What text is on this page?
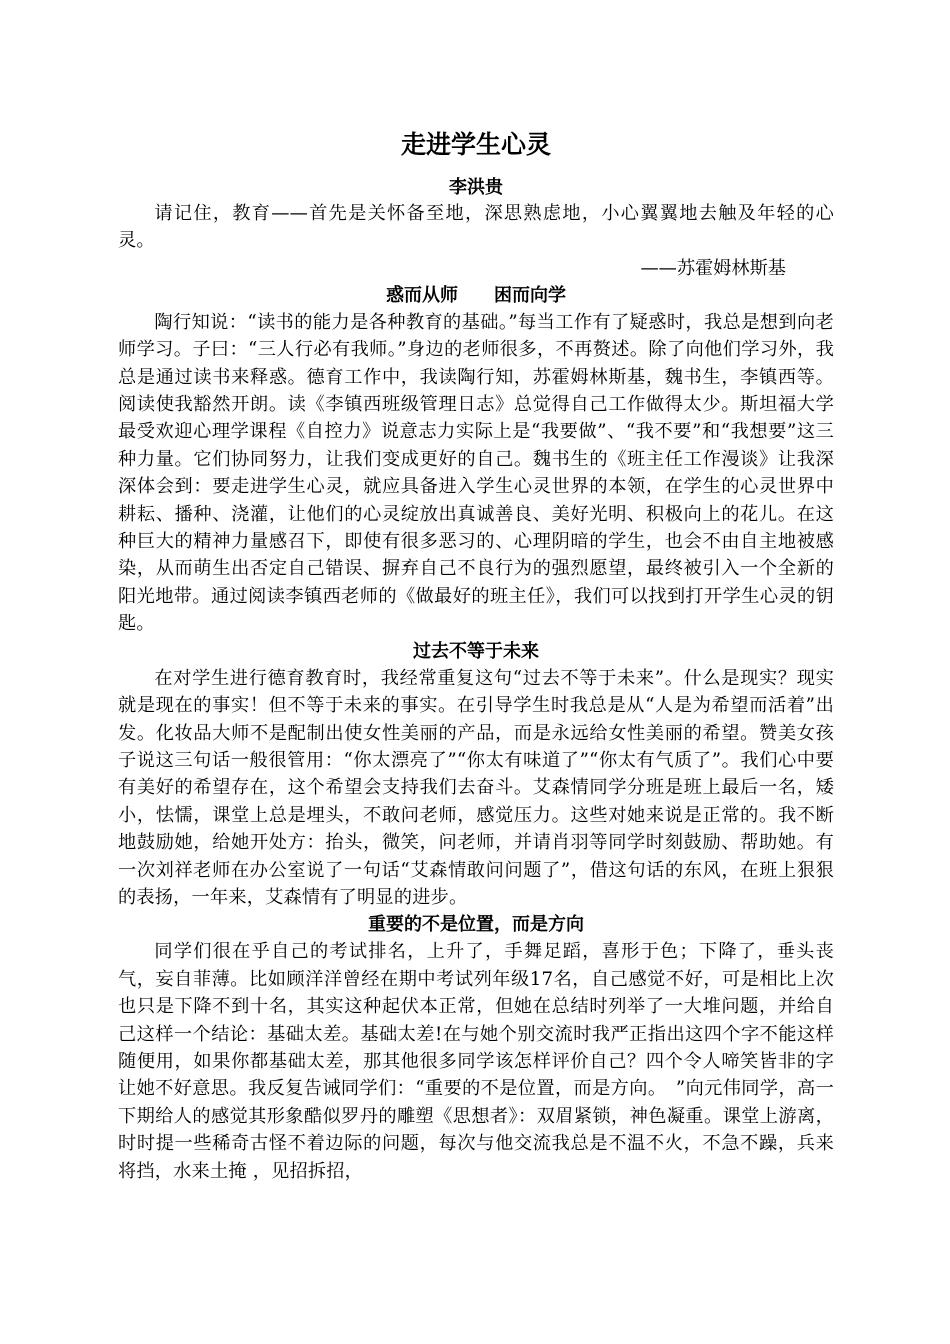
走进学生心灵
李洪贵
请记住，教育——首先是关怀备至地，深思熟虑地，小心翼翼地去触及年轻的心灵。
——苏霍姆林斯基
惑而从师　　困而向学
陶行知说：“读书的能力是各种教育的基础。”每当工作有了疑惑时，我总是想到向老师学习。子曰：“三人行必有我师。”身边的老师很多，不再赘述。除了向他们学习外，我总是通过读书来释惑。德育工作中，我读陶行知，苏霍姆林斯基，魏书生，李镇西等。阅读使我豁然开朗。读《李镇西班级管理日志》总觉得自己工作做得太少。斯坦福大学最受欢迎心理学课程《自控力》说意志力实际上是“我要做”、“我不要”和“我想要”这三种力量。它们协同努力，让我们变成更好的自己。魏书生的《班主任工作漫谈》让我深深体会到：要走进学生心灵，就应具备进入学生心灵世界的本领，在学生的心灵世界中耕耘、播种、浇灌，让他们的心灵绽放出真诚善良、美好光明、积极向上的花儿。在这种巨大的精神力量感召下，即使有很多恶习的、心理阴暗的学生，也会不由自主地被感染，从而萌生出否定自己错误、摒弃自己不良行为的强烈愿望，最终被引入一个全新的阳光地带。通过阅读李镇西老师的《做最好的班主任》，我们可以找到打开学生心灵的钥匙。
过去不等于未来
在对学生进行德育教育时，我经常重复这句“过去不等于未来”。什么是现实？现实就是现在的事实！但不等于未来的事实。在引导学生时我总是从“人是为希望而活着”出发。化妆品大师不是配制出使女性美丽的产品，而是永远给女性美丽的希望。赞美女孩子说这三句话一般很管用：“你太漂亮了”“你太有味道了”“你太有气质了”。我们心中要有美好的希望存在，这个希望会支持我们去奋斗。艾森情同学分班是班上最后一名，矮小，怯懦，课堂上总是埋头，不敢问老师，感觉压力。这些对她来说是正常的。我不断地鼓励她，给她开处方：抬头，微笑，问老师，并请肖羽等同学时刻鼓励、帮助她。有一次刘祥老师在办公室说了一句话“艾森情敢问问题了”，借这句话的东风，在班上狠狠的表扬，一年来，艾森情有了明显的进步。
重要的不是位置，而是方向
同学们很在乎自己的考试排名，上升了，手舞足蹈，喜形于色；下降了，垂头丧气，妄自菲薄。比如顾洋洋曾经在期中考试列年级17名，自己感觉不好，可是相比上次也只是下降不到十名，其实这种起伏本正常，但她在总结时列举了一大堆问题，并给自己这样一个结论：基础太差。基础太差!在与她个别交流时我严正指出这四个字不能这样随便用，如果你都基础太差，那其他很多同学该怎样评价自己？四个令人啼笑皆非的字让她不好意思。我反复告诫同学们：“重要的不是位置，而是方向。　”向元伟同学，高一下期给人的感觉其形象酷似罗丹的雕塑《思想者》：双眉紧锁，神色凝重。课堂上游离，时时提一些稀奇古怪不着边际的问题，每次与他交流我总是不温不火，不急不躁，兵来将挡，水来土掩 ，见招拆招，
